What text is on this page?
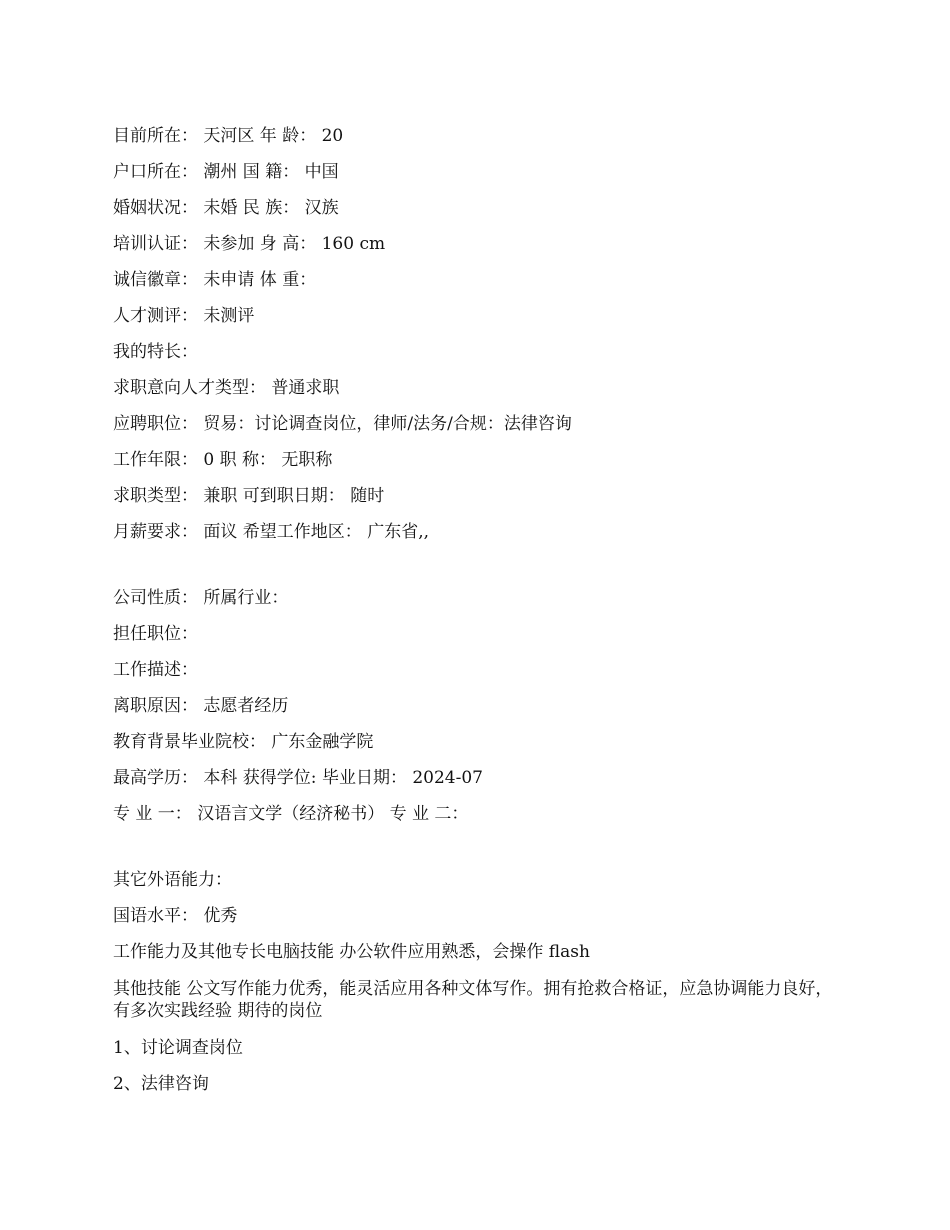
目前所在： 天河区 年 龄： 20
户口所在： 潮州 国 籍： 中国
婚姻状况： 未婚 民 族： 汉族
培训认证： 未参加 身 高： 160 cm
诚信徽章： 未申请 体 重：
人才测评： 未测评
我的特长：
求职意向人才类型： 普通求职
应聘职位： 贸易：讨论调查岗位，律师/法务/合规：法律咨询
工作年限： 0 职 称： 无职称
求职类型： 兼职 可到职日期： 随时
月薪要求： 面议 希望工作地区： 广东省,,
公司性质： 所属行业：
担任职位：
工作描述：
离职原因： 志愿者经历
教育背景毕业院校： 广东金融学院
最高学历： 本科 获得学位: 毕业日期： 2024-07
专 业 一： 汉语言文学（经济秘书） 专 业 二：
其它外语能力：
国语水平： 优秀
工作能力及其他专长电脑技能 办公软件应用熟悉，会操作 flash
其他技能 公文写作能力优秀，能灵活应用各种文体写作。拥有抢救合格证，应急协调能力良好，有多次实践经验 期待的岗位
1、讨论调查岗位
2、法律咨询
